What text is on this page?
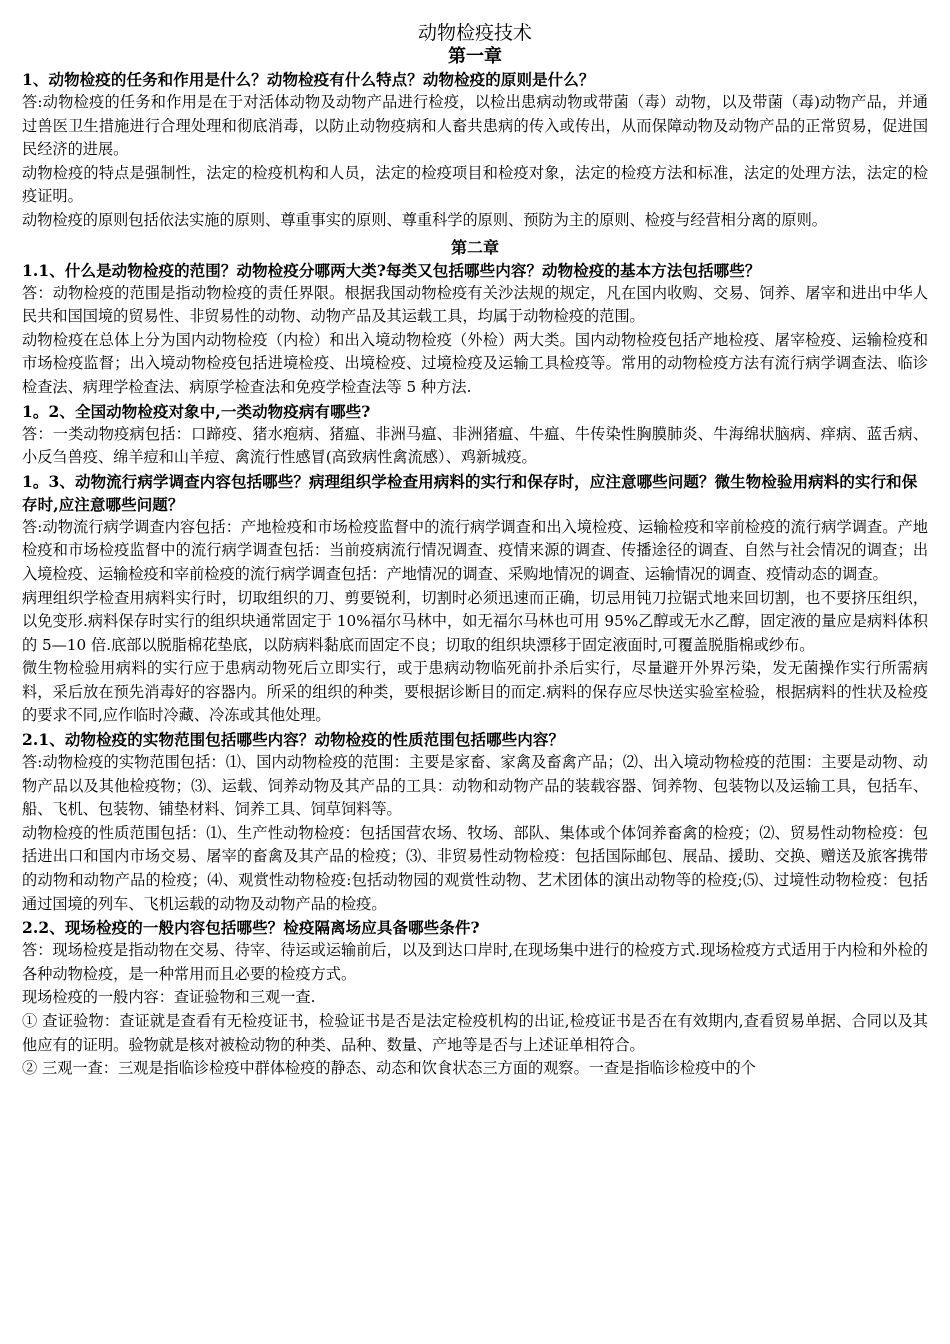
动物检疫技术
第一章

1、动物检疫的任务和作用是什么？动物检疫有什么特点？动物检疫的原则是什么？

答:动物检疫的任务和作用是在于对活体动物及动物产品进行检疫，以检出患病动物或带菌（毒）动物，以及带菌（毒)动物产品，并通过兽医卫生措施进行合理处理和彻底消毒，以防止动物疫病和人畜共患病的传入或传出，从而保障动物及动物产品的正常贸易，促进国民经济的进展。

动物检疫的特点是强制性，法定的检疫机构和人员，法定的检疫项目和检疫对象，法定的检疫方法和标准，法定的处理方法，法定的检疫证明。

动物检疫的原则包括依法实施的原则、尊重事实的原则、尊重科学的原则、预防为主的原则、检疫与经营相分离的原则。

第二章

1.1、什么是动物检疫的范围？动物检疫分哪两大类?每类又包括哪些内容？动物检疫的基本方法包括哪些？

答：动物检疫的范围是指动物检疫的责任界限。根据我国动物检疫有关沙法规的规定，凡在国内收购、交易、饲养、屠宰和进出中华人民共和国国境的贸易性、非贸易性的动物、动物产品及其运载工具，均属于动物检疫的范围。

动物检疫在总体上分为国内动物检疫（内检）和出入境动物检疫（外检）两大类。国内动物检疫包括产地检疫、屠宰检疫、运输检疫和市场检疫监督；出入境动物检疫包括进境检疫、出境检疫、过境检疫及运输工具检疫等。常用的动物检疫方法有流行病学调查法、临诊检查法、病理学检查法、病原学检查法和免疫学检查法等 5 种方法.

1。2、全国动物检疫对象中,一类动物疫病有哪些?

答：一类动物疫病包括：口蹄疫、猪水疱病、猪瘟、非洲马瘟、非洲猪瘟、牛瘟、牛传染性胸膜肺炎、牛海绵状脑病、痒病、蓝舌病、小反刍兽疫、绵羊痘和山羊痘、禽流行性感冒(高致病性禽流感）、鸡新城疫。

1。3、动物流行病学调查内容包括哪些？病理组织学检查用病料的实行和保存时，应注意哪些问题？微生物检验用病料的实行和保存时,应注意哪些问题？

答:动物流行病学调查内容包括：产地检疫和市场检疫监督中的流行病学调查和出入境检疫、运输检疫和宰前检疫的流行病学调查。产地检疫和市场检疫监督中的流行病学调查包括：当前疫病流行情况调查、疫情来源的调查、传播途径的调查、自然与社会情况的调查；出入境检疫、运输检疫和宰前检疫的流行病学调查包括：产地情况的调查、采购地情况的调查、运输情况的调查、疫情动态的调查。

病理组织学检查用病料实行时，切取组织的刀、剪要锐利，切割时必须迅速而正确，切忌用钝刀拉锯式地来回切割，也不要挤压组织，以免变形.病料保存时实行的组织块通常固定于 10%福尔马林中，如无福尔马林也可用 95%乙醇或无水乙醇，固定液的量应是病料体积的 5—10 倍.底部以脱脂棉花垫底，以防病料黏底而固定不良；切取的组织块漂移于固定液面时,可覆盖脱脂棉或纱布。

微生物检验用病料的实行应于患病动物死后立即实行，或于患病动物临死前扑杀后实行，尽量避开外界污染，发无菌操作实行所需病料，采后放在预先消毒好的容器内。所采的组织的种类，要根据诊断目的而定.病料的保存应尽快送实验室检验，根据病料的性状及检疫的要求不同,应作临时冷藏、冷冻或其他处理。

2.1、动物检疫的实物范围包括哪些内容？动物检疫的性质范围包括哪些内容？

答:动物检疫的实物范围包括：⑴、国内动物检疫的范围：主要是家畜、家禽及畜禽产品；⑵、出入境动物检疫的范围：主要是动物、动物产品以及其他检疫物；⑶、运载、饲养动物及其产品的工具：动物和动物产品的装载容器、饲养物、包装物以及运输工具，包括车、船、飞机、包装物、铺垫材料、饲养工具、饲草饲料等。

动物检疫的性质范围包括：⑴、生产性动物检疫：包括国营农场、牧场、部队、集体或个体饲养畜禽的检疫；⑵、贸易性动物检疫：包括进出口和国内市场交易、屠宰的畜禽及其产品的检疫；⑶、非贸易性动物检疫：包括国际邮包、展品、援助、交换、赠送及旅客携带的动物和动物产品的检疫；⑷、观赏性动物检疫:包括动物园的观赏性动物、艺术团体的演出动物等的检疫;⑸、过境性动物检疫：包括通过国境的列车、飞机运载的动物及动物产品的检疫。

2.2、现场检疫的一般内容包括哪些？检疫隔离场应具备哪些条件?

答：现场检疫是指动物在交易、待宰、待运或运输前后，以及到达口岸时,在现场集中进行的检疫方式.现场检疫方式适用于内检和外检的各种动物检疫，是一种常用而且必要的检疫方式。

现场检疫的一般内容：查证验物和三观一查.

① 查证验物：查证就是查看有无检疫证书，检验证书是否是法定检疫机构的出证,检疫证书是否在有效期内,查看贸易单据、合同以及其他应有的证明。验物就是核对被检动物的种类、品种、数量、产地等是否与上述证单相符合。

② 三观一查：三观是指临诊检疫中群体检疫的静态、动态和饮食状态三方面的观察。一查是指临诊检疫中的个
